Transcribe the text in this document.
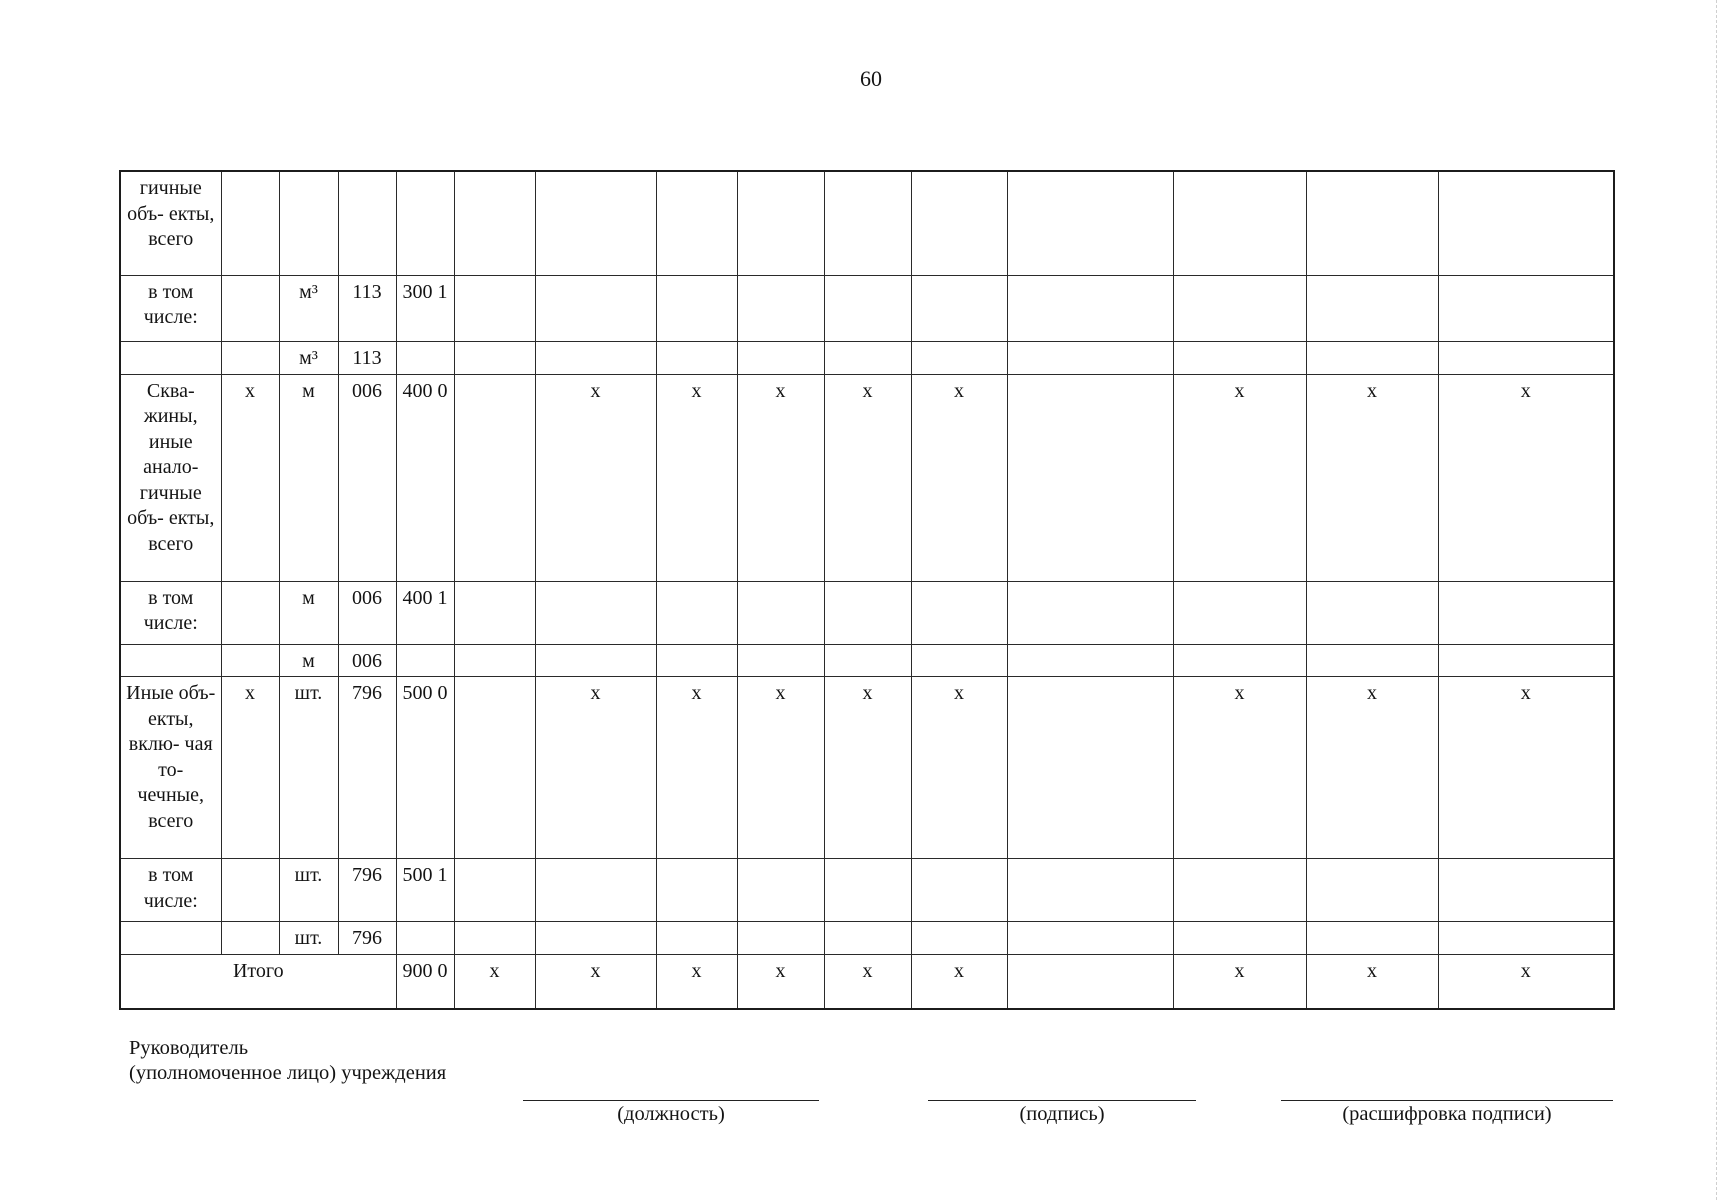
60
гичные объ- екты, всего														
в том числе:		м³	113	300 1										
		м³	113											
Сква- жины, иные анало- гичные объ- екты, всего	х	м	006	400 0		х	х	х	х	х		х	х	х
в том числе:		м	006	400 1										
		м	006											
Иные объ- екты, вклю- чая то- чечные, всего	х	шт.	796	500 0		х	х	х	х	х		х	х	х
в том числе:		шт.	796	500 1										
		шт.	796											
Итого				900 0	х	х	х	х	х	х		х	х	х
Руководитель
(уполномоченное лицо) учреждения
(должность)	(подпись)	(расшифровка подписи)
